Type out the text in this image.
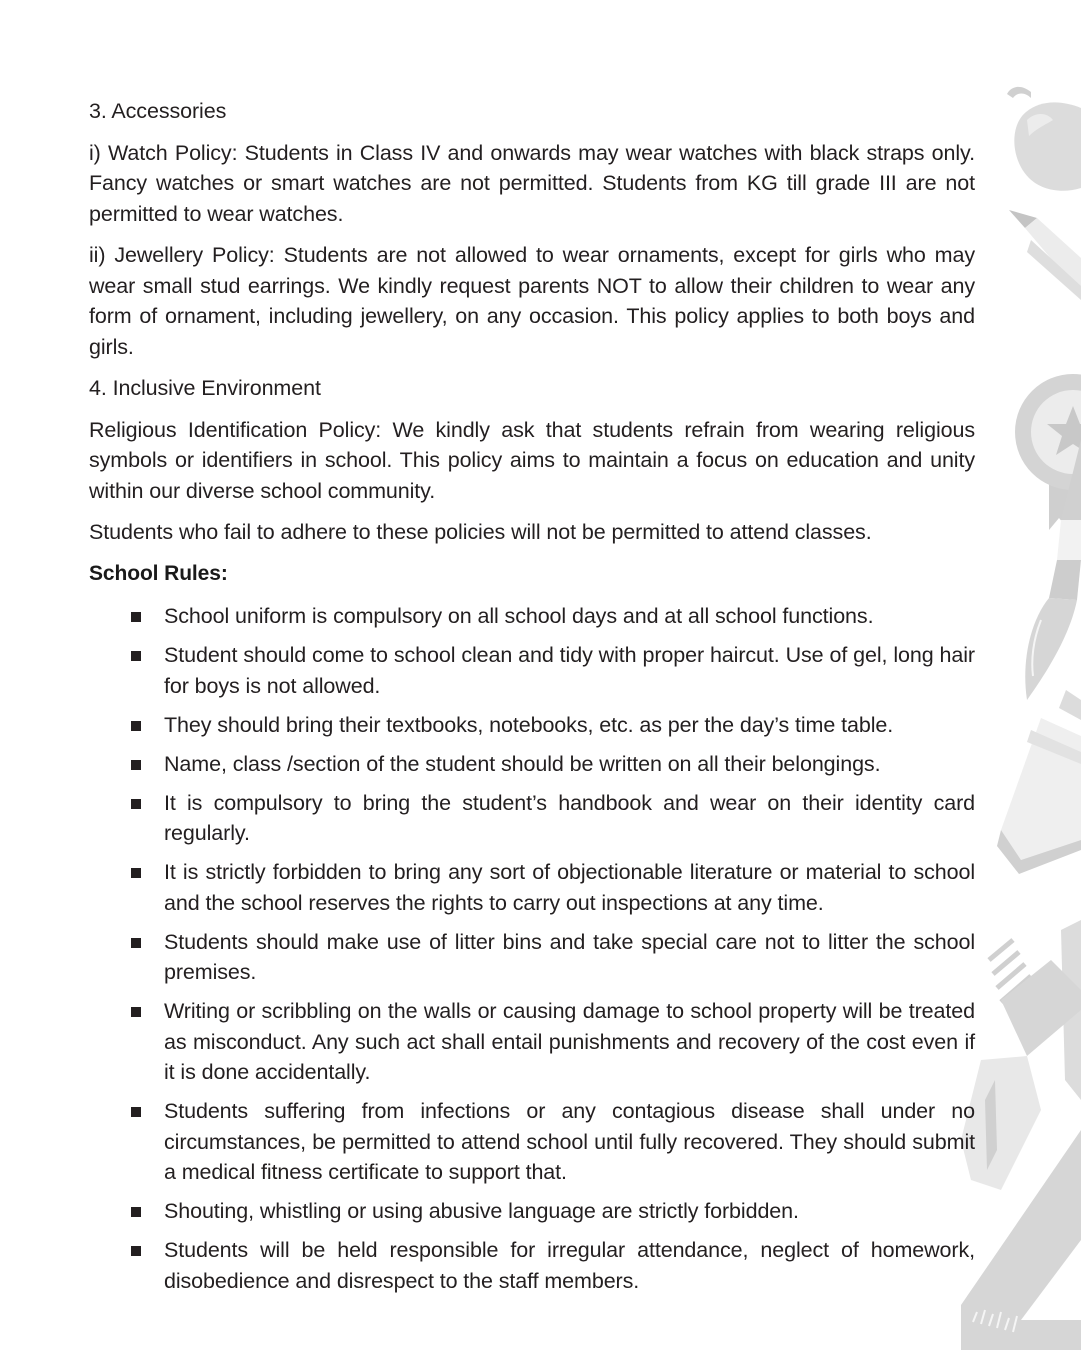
3. Accessories

i) Watch Policy: Students in Class IV and onwards may wear watches with black straps only. Fancy watches or smart watches are not permitted. Students from KG till grade III are not permitted to wear watches.

ii) Jewellery Policy: Students are not allowed to wear ornaments, except for girls who may wear small stud earrings. We kindly request parents NOT to allow their children to wear any form of ornament, including jewellery, on any occasion. This policy applies to both boys and girls.

4. Inclusive Environment

Religious Identification Policy: We kindly ask that students refrain from wearing religious symbols or identifiers in school. This policy aims to maintain a focus on education and unity within our diverse school community.

Students who fail to adhere to these policies will not be permitted to attend classes.

School Rules:
School uniform is compulsory on all school days and at all school functions.
Student should come to school clean and tidy with proper haircut. Use of gel, long hair for boys is not allowed.
They should bring their textbooks, notebooks, etc. as per the day’s time table.
Name, class /section of the student should be written on all their belongings.
It is compulsory to bring the student’s handbook and wear on their identity card regularly.
It is strictly forbidden to bring any sort of objectionable literature or material to school and the school reserves the rights to carry out inspections at any time.
Students should make use of litter bins and take special care not to litter the school premises.
Writing or scribbling on the walls or causing damage to school property will be treated as misconduct. Any such act shall entail punishments and recovery of the cost even if it is done accidentally.
Students suffering from infections or any contagious disease shall under no circumstances, be permitted to attend school until fully recovered. They should submit a medical fitness certificate to support that.
Shouting, whistling or using abusive language are strictly forbidden.
Students will be held responsible for irregular attendance, neglect of homework, disobedience and disrespect to the staff members.
